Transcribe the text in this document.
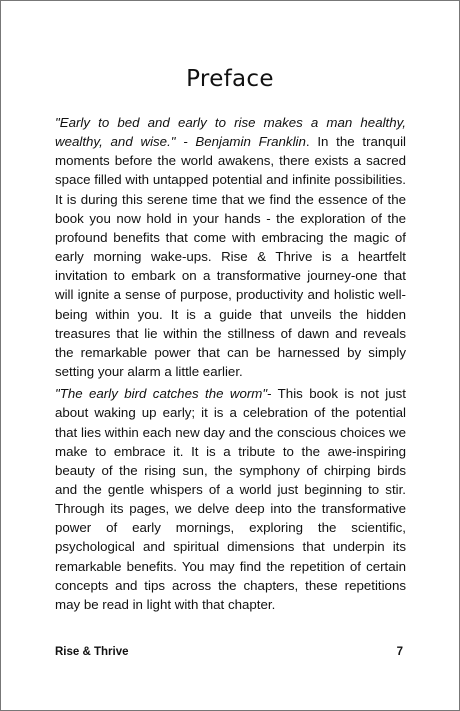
Preface

"Early to bed and early to rise makes a man healthy, wealthy, and wise." - Benjamin Franklin. In the tranquil moments before the world awakens, there exists a sacred space filled with untapped potential and infinite possibilities. It is during this serene time that we find the essence of the book you now hold in your hands - the exploration of the profound benefits that come with embracing the magic of early morning wake-ups. Rise & Thrive is a heartfelt invitation to embark on a transformative journey-one that will ignite a sense of purpose, productivity and holistic well-being within you. It is a guide that unveils the hidden treasures that lie within the stillness of dawn and reveals the remarkable power that can be harnessed by simply setting your alarm a little earlier.

"The early bird catches the worm"- This book is not just about waking up early; it is a celebration of the potential that lies within each new day and the conscious choices we make to embrace it. It is a tribute to the awe-inspiring beauty of the rising sun, the symphony of chirping birds and the gentle whispers of a world just beginning to stir. Through its pages, we delve deep into the transformative power of early mornings, exploring the scientific, psychological and spiritual dimensions that underpin its remarkable benefits. You may find the repetition of certain concepts and tips across the chapters, these repetitions may be read in light with that chapter.

Rise & Thrive	7
